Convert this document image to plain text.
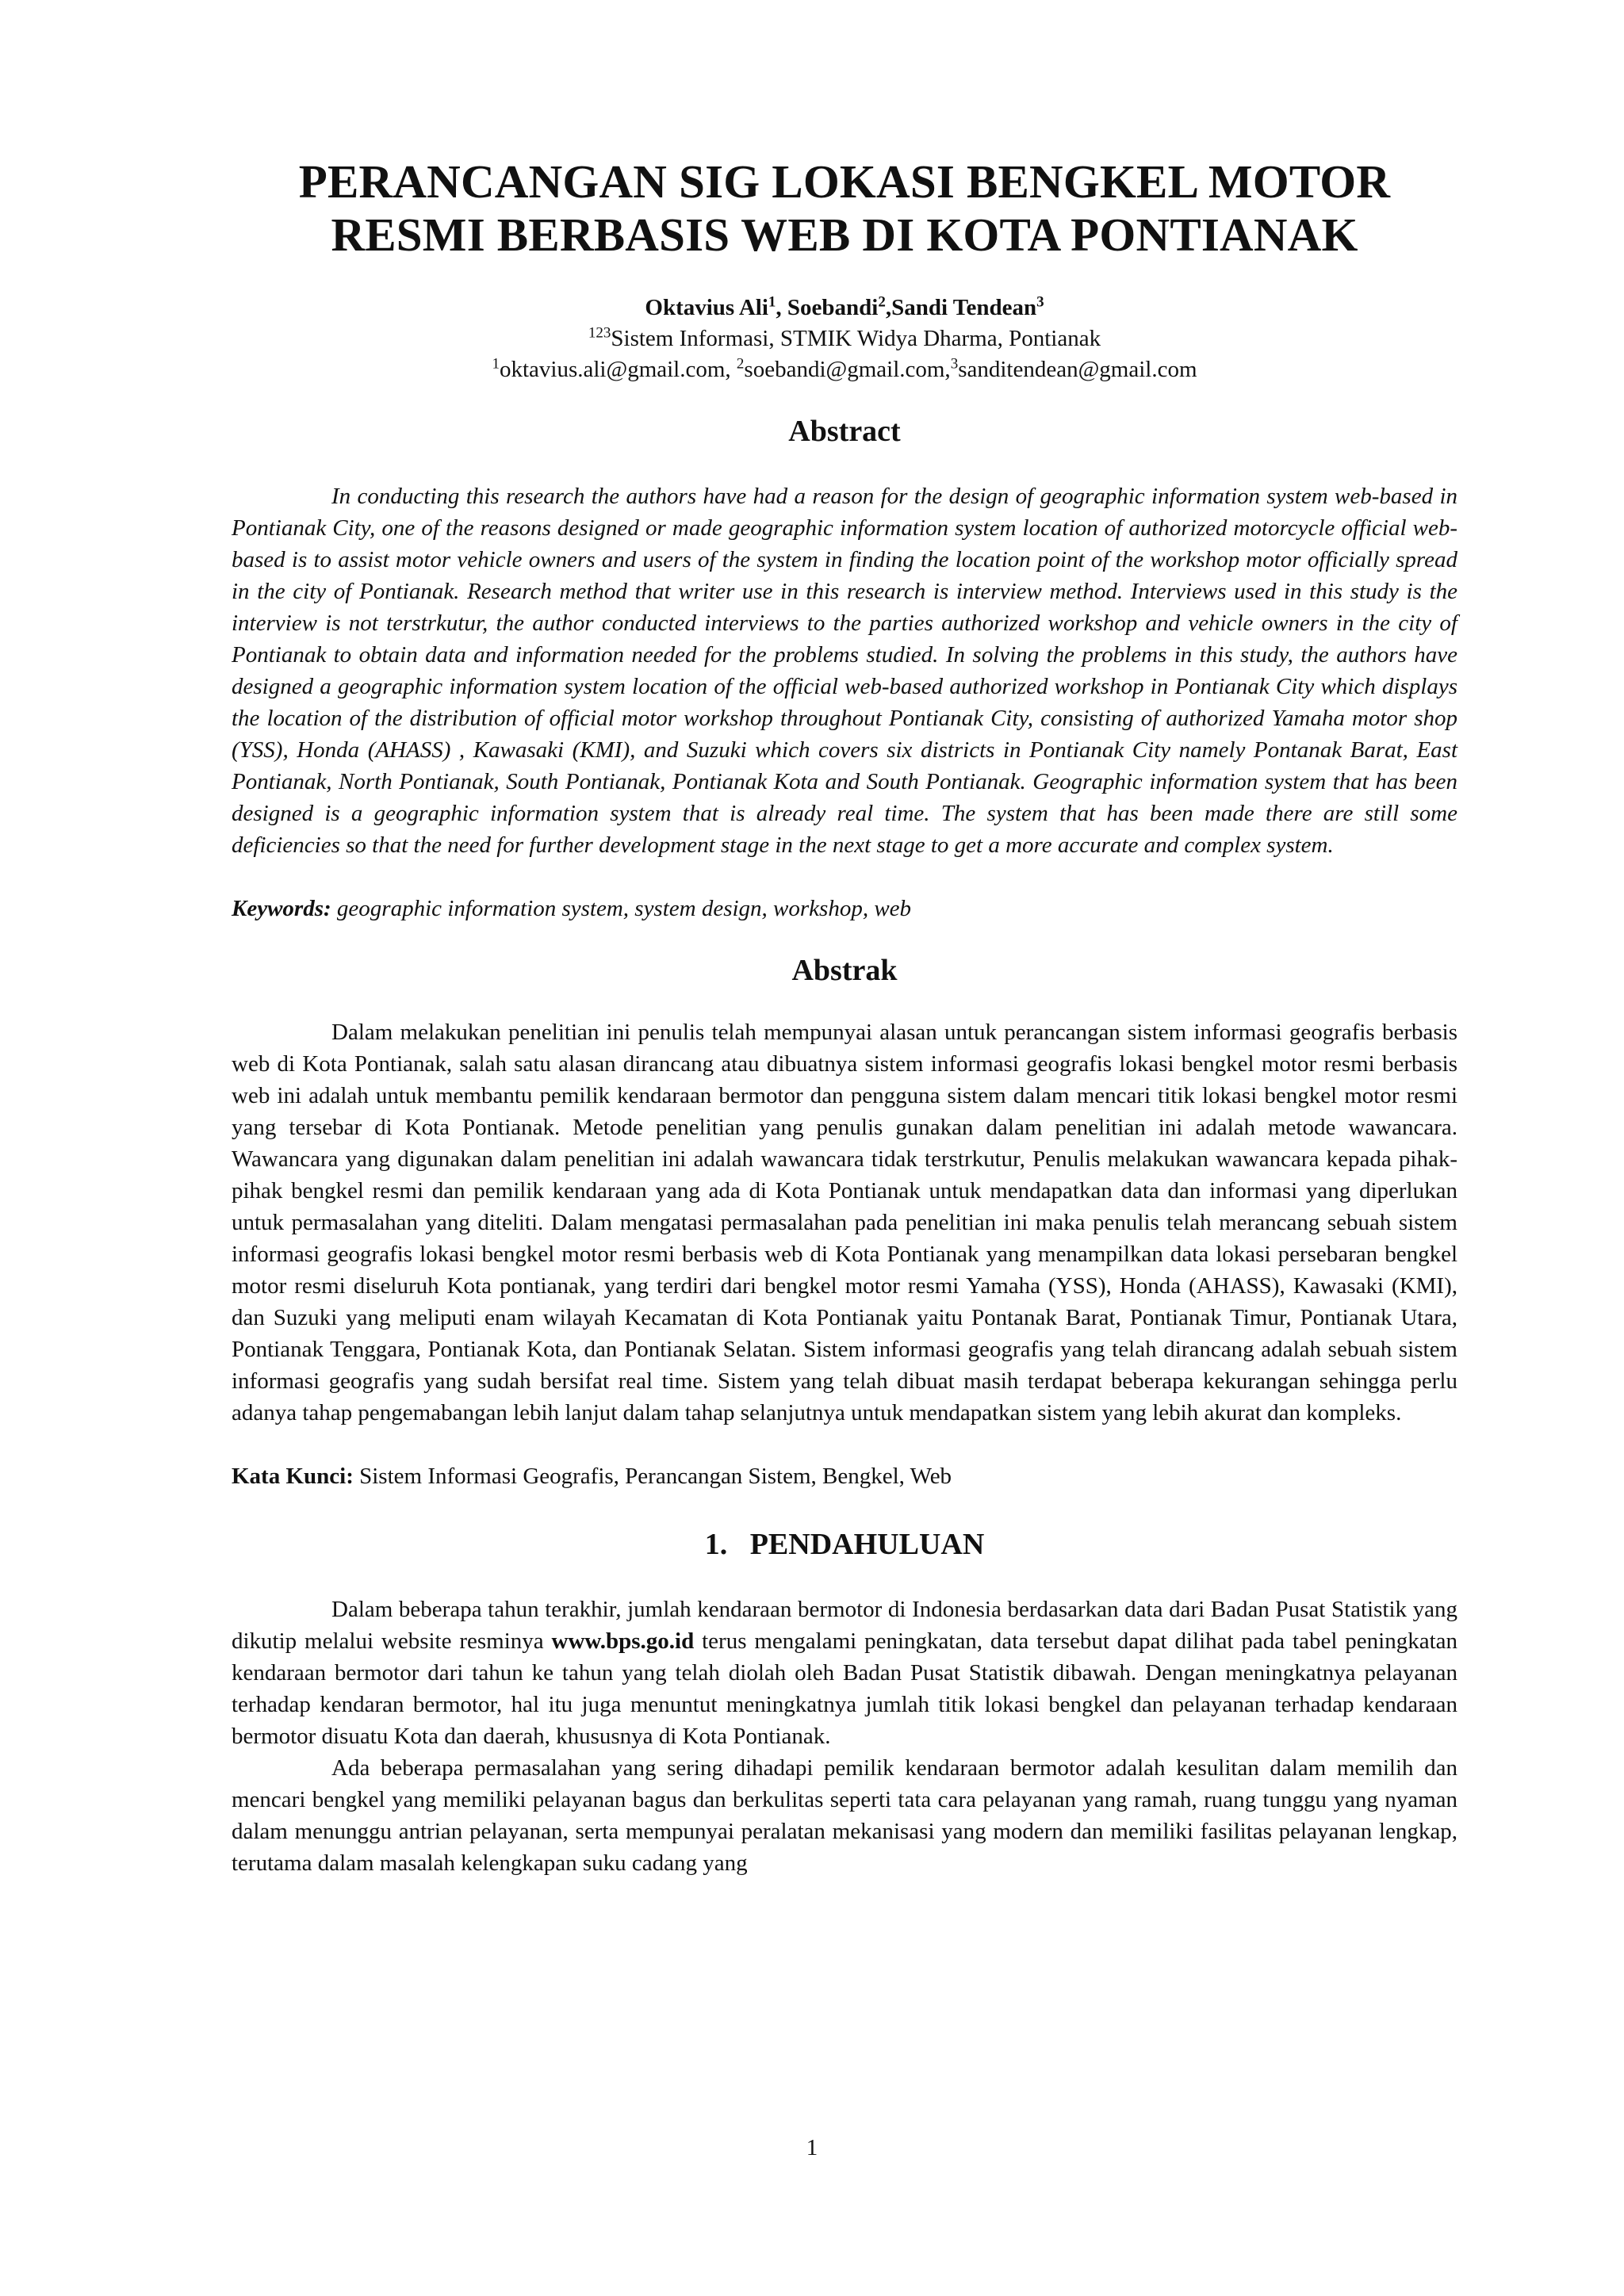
PERANCANGAN SIG LOKASI BENGKEL MOTOR
RESMI BERBASIS WEB DI KOTA PONTIANAK
Oktavius Ali$^1$, Soebandi$^2$,Sandi Tendean$^3$
$^{123}$Sistem Informasi, STMIK Widya Dharma, Pontianak
$^1$oktavius.ali@gmail.com, $^2$soebandi@gmail.com,$^3$sanditendean@gmail.com
Abstract

In conducting this research the authors have had a reason for the design of geographic information system web-based in Pontianak City, one of the reasons designed or made geographic information system location of authorized motorcycle official web-based is to assist motor vehicle owners and users of the system in finding the location point of the workshop motor officially spread in the city of Pontianak. Research method that writer use in this research is interview method. Interviews used in this study is the interview is not terstrkutur, the author conducted interviews to the parties authorized workshop and vehicle owners in the city of Pontianak to obtain data and information needed for the problems studied. In solving the problems in this study, the authors have designed a geographic information system location of the official web-based authorized workshop in Pontianak City which displays the location of the distribution of official motor workshop throughout Pontianak City, consisting of authorized Yamaha motor shop (YSS), Honda (AHASS) , Kawasaki (KMI), and Suzuki which covers six districts in Pontianak City namely Pontanak Barat, East Pontianak, North Pontianak, South Pontianak, Pontianak Kota and South Pontianak. Geographic information system that has been designed is a geographic information system that is already real time. The system that has been made there are still some deficiencies so that the need for further development stage in the next stage to get a more accurate and complex system.

Keywords: geographic information system, system design, workshop, web
Abstrak

Dalam melakukan penelitian ini penulis telah mempunyai alasan untuk perancangan sistem informasi geografis berbasis web di Kota Pontianak, salah satu alasan dirancang atau dibuatnya sistem informasi geografis lokasi bengkel motor resmi berbasis web ini adalah untuk membantu pemilik kendaraan bermotor dan pengguna sistem dalam mencari titik lokasi bengkel motor resmi yang tersebar di Kota Pontianak. Metode penelitian yang penulis gunakan dalam penelitian ini adalah metode wawancara. Wawancara yang digunakan dalam penelitian ini adalah wawancara tidak terstrkutur, Penulis melakukan wawancara kepada pihak-pihak bengkel resmi dan pemilik kendaraan yang ada di Kota Pontianak untuk mendapatkan data dan informasi yang diperlukan untuk permasalahan yang diteliti. Dalam mengatasi permasalahan pada penelitian ini maka penulis telah merancang sebuah sistem informasi geografis lokasi bengkel motor resmi berbasis web di Kota Pontianak yang menampilkan data lokasi persebaran bengkel motor resmi diseluruh Kota pontianak, yang terdiri dari bengkel motor resmi Yamaha (YSS), Honda (AHASS), Kawasaki (KMI), dan Suzuki yang meliputi enam wilayah Kecamatan di Kota Pontianak yaitu Pontanak Barat, Pontianak Timur, Pontianak Utara, Pontianak Tenggara, Pontianak Kota, dan Pontianak Selatan. Sistem informasi geografis yang telah dirancang adalah sebuah sistem informasi geografis yang sudah bersifat real time. Sistem yang telah dibuat masih terdapat beberapa kekurangan sehingga perlu adanya tahap pengemabangan lebih lanjut dalam tahap selanjutnya untuk mendapatkan sistem yang lebih akurat dan kompleks.

Kata Kunci: Sistem Informasi Geografis, Perancangan Sistem, Bengkel, Web
1.   PENDAHULUAN

Dalam beberapa tahun terakhir, jumlah kendaraan bermotor di Indonesia berdasarkan data dari Badan Pusat Statistik yang dikutip melalui website resminya www.bps.go.id terus mengalami peningkatan, data tersebut dapat dilihat pada tabel peningkatan kendaraan bermotor dari tahun ke tahun yang telah diolah oleh Badan Pusat Statistik dibawah. Dengan meningkatnya pelayanan terhadap kendaran bermotor, hal itu juga menuntut meningkatnya jumlah titik lokasi bengkel dan pelayanan terhadap kendaraan bermotor disuatu Kota dan daerah, khususnya di Kota Pontianak.

Ada beberapa permasalahan yang sering dihadapi pemilik kendaraan bermotor adalah kesulitan dalam memilih dan mencari bengkel yang memiliki pelayanan bagus dan berkulitas seperti tata cara pelayanan yang ramah, ruang tunggu yang nyaman dalam menunggu antrian pelayanan, serta mempunyai peralatan mekanisasi yang modern dan memiliki fasilitas pelayanan lengkap, terutama dalam masalah kelengkapan suku cadang yang

1
